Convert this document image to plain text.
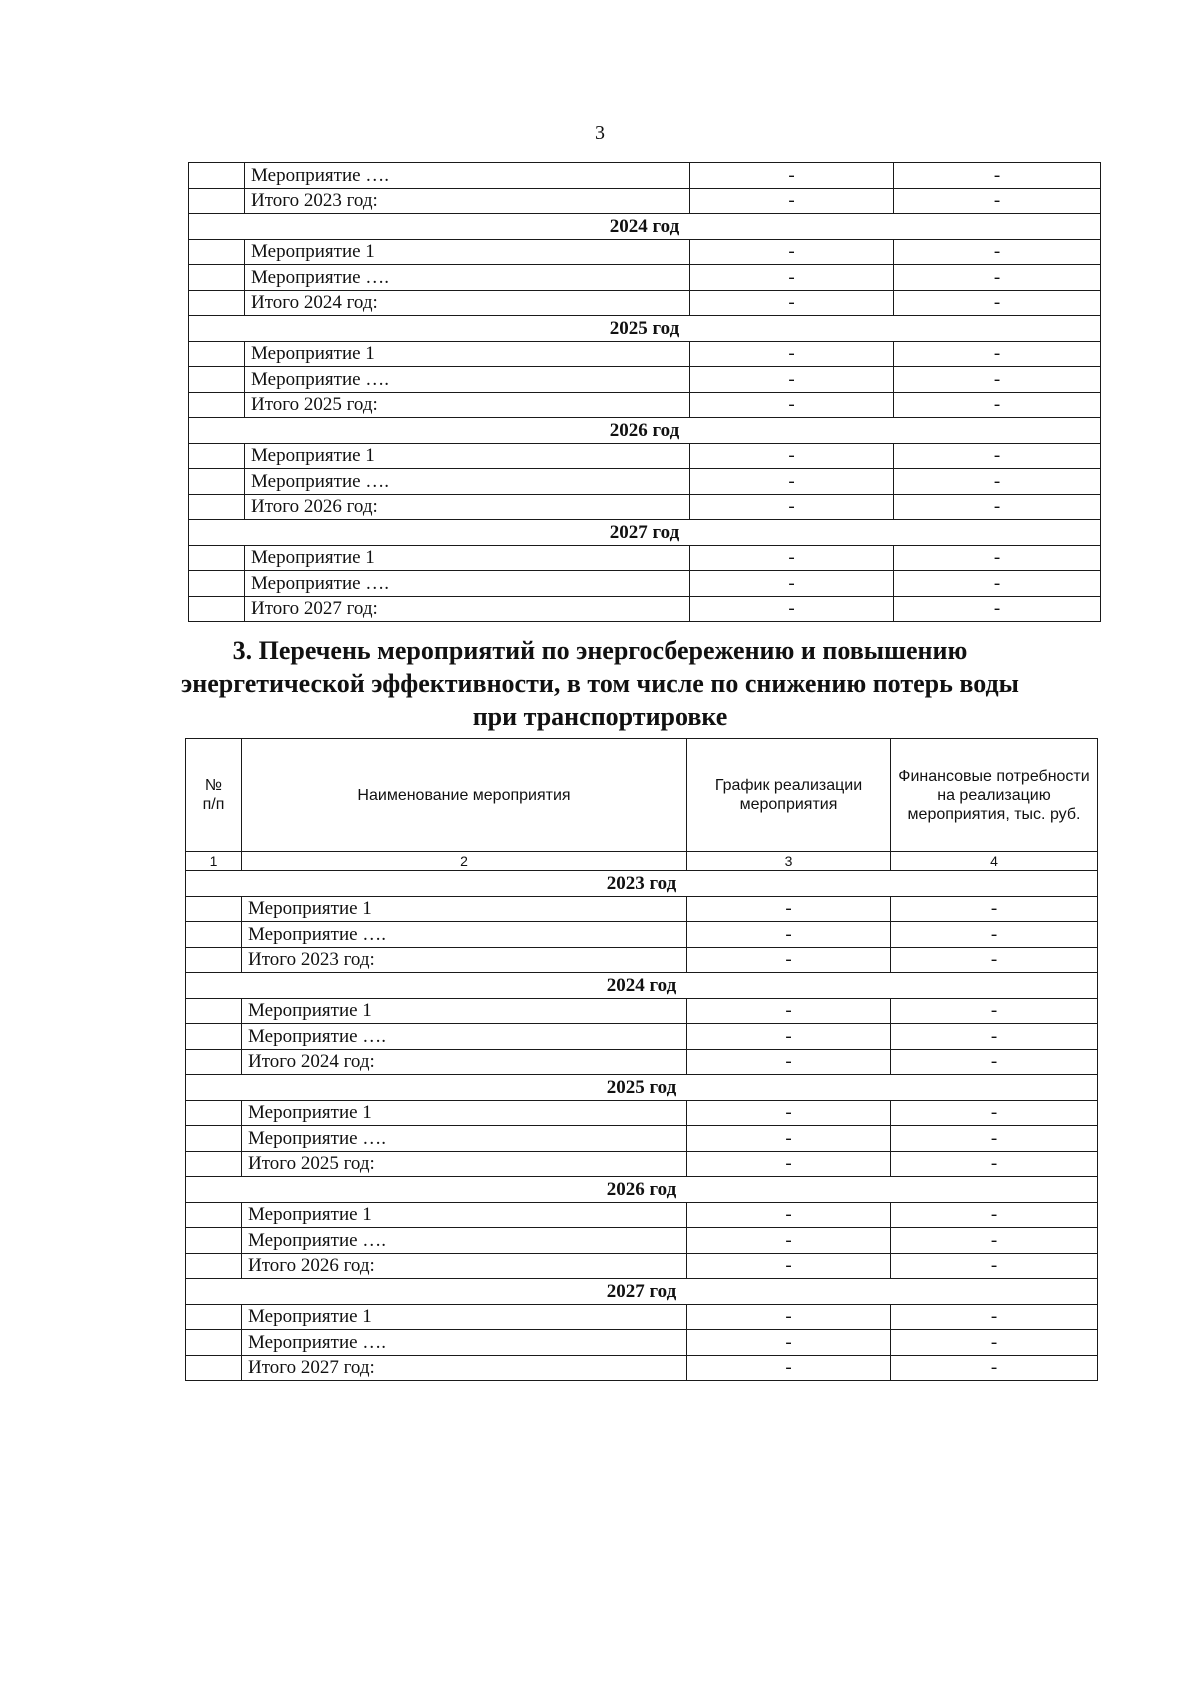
3
	Мероприятие ….	-	-
	Итого 2023 год:	-	-
2024 год			
	Мероприятие 1	-	-
	Мероприятие ….	-	-
	Итого 2024 год:	-	-
2025 год			
	Мероприятие 1	-	-
	Мероприятие ….	-	-
	Итого 2025 год:	-	-
2026 год			
	Мероприятие 1	-	-
	Мероприятие ….	-	-
	Итого 2026 год:	-	-
2027 год			
	Мероприятие 1	-	-
	Мероприятие ….	-	-
	Итого 2027 год:	-	-
3. Перечень мероприятий по энергосбережению и повышению
энергетической эффективности, в том числе по снижению потерь воды
при транспортировке
№
п/п	Наименование мероприятия	График реализации мероприятия	Финансовые потребности на реализацию мероприятия, тыс. руб.
1	2	3	4
2023 год			
	Мероприятие 1	-	-
	Мероприятие ….	-	-
	Итого 2023 год:	-	-
2024 год			
	Мероприятие 1	-	-
	Мероприятие ….	-	-
	Итого 2024 год:	-	-
2025 год			
	Мероприятие 1	-	-
	Мероприятие ….	-	-
	Итого 2025 год:	-	-
2026 год			
	Мероприятие 1	-	-
	Мероприятие ….	-	-
	Итого 2026 год:	-	-
2027 год			
	Мероприятие 1	-	-
	Мероприятие ….	-	-
	Итого 2027 год:	-	-
